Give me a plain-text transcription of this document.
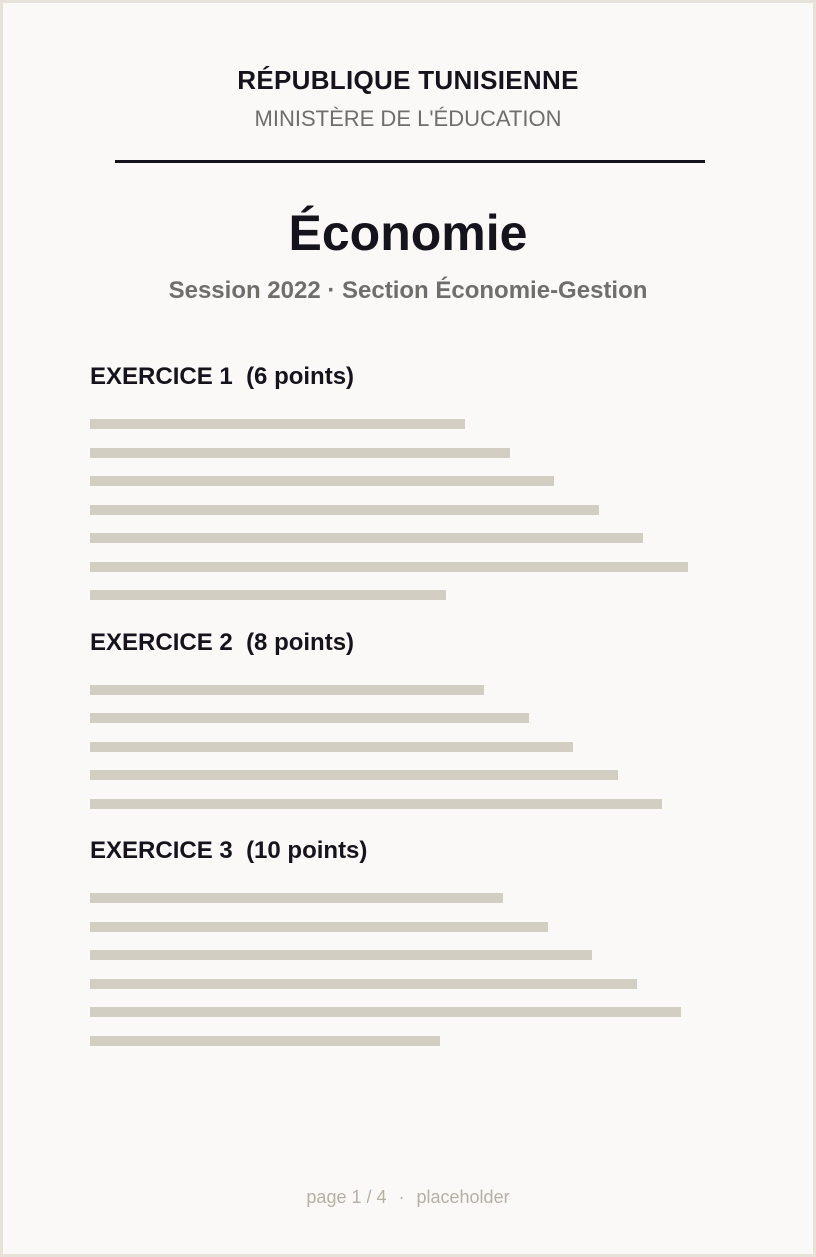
RÉPUBLIQUE TUNISIENNE
MINISTÈRE DE L'ÉDUCATION
Économie
Session 2022 · Section Économie-Gestion
EXERCICE 1 (6 points)
EXERCICE 2 (8 points)
EXERCICE 3 (10 points)
page 1 / 4 · placeholder
